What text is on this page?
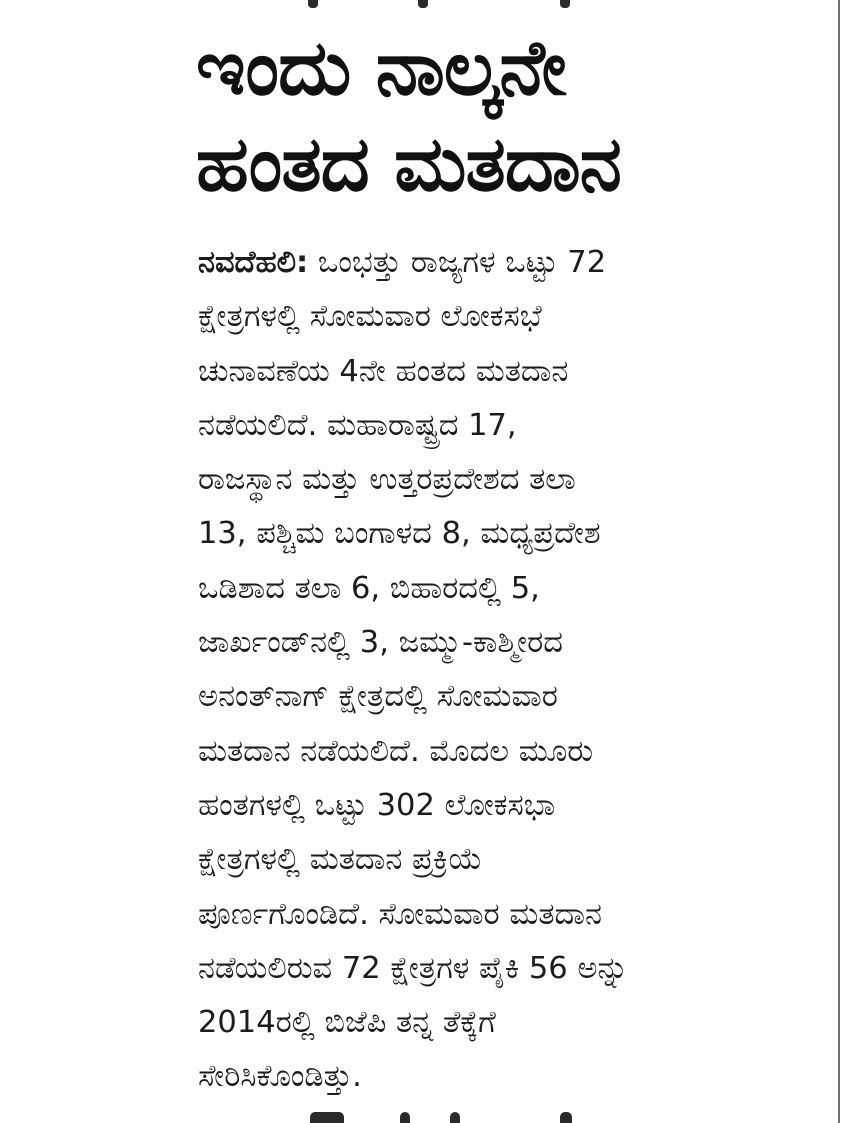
ಇಂದು ನಾಲ್ಕನೇ
ಹಂತದ ಮತದಾನ
ನವದೆಹಲಿ: ಒಂಭತ್ತು ರಾಜ್ಯಗಳ ಒಟ್ಟು 72
ಕ್ಷೇತ್ರಗಳಲ್ಲಿ ಸೋಮವಾರ ಲೋಕಸಭೆ
ಚುನಾವಣೆಯ 4ನೇ ಹಂತದ ಮತದಾನ
ನಡೆಯಲಿದೆ. ಮಹಾರಾಷ್ಟ್ರದ 17,
ರಾಜಸ್ಥಾನ ಮತ್ತು ಉತ್ತರಪ್ರದೇಶದ ತಲಾ
13, ಪಶ್ಚಿಮ ಬಂಗಾಳದ 8, ಮಧ್ಯಪ್ರದೇಶ
ಒಡಿಶಾದ ತಲಾ 6, ಬಿಹಾರದಲ್ಲಿ 5,
ಜಾರ್ಖಂಡ್‌ನಲ್ಲಿ 3, ಜಮ್ಮು-ಕಾಶ್ಮೀರದ
ಅನಂತ್‌ನಾಗ್ ಕ್ಷೇತ್ರದಲ್ಲಿ ಸೋಮವಾರ
ಮತದಾನ ನಡೆಯಲಿದೆ. ಮೊದಲ ಮೂರು
ಹಂತಗಳಲ್ಲಿ ಒಟ್ಟು 302 ಲೋಕಸಭಾ
ಕ್ಷೇತ್ರಗಳಲ್ಲಿ ಮತದಾನ ಪ್ರಕ್ರಿಯೆ
ಪೂರ್ಣಗೊಂಡಿದೆ. ಸೋಮವಾರ ಮತದಾನ
ನಡೆಯಲಿರುವ 72 ಕ್ಷೇತ್ರಗಳ ಪೈಕಿ 56 ಅನ್ನು
2014ರಲ್ಲಿ ಬಿಜೆಪಿ ತನ್ನ ತೆಕ್ಕೆಗೆ
ಸೇರಿಸಿಕೊಂಡಿತ್ತು.
